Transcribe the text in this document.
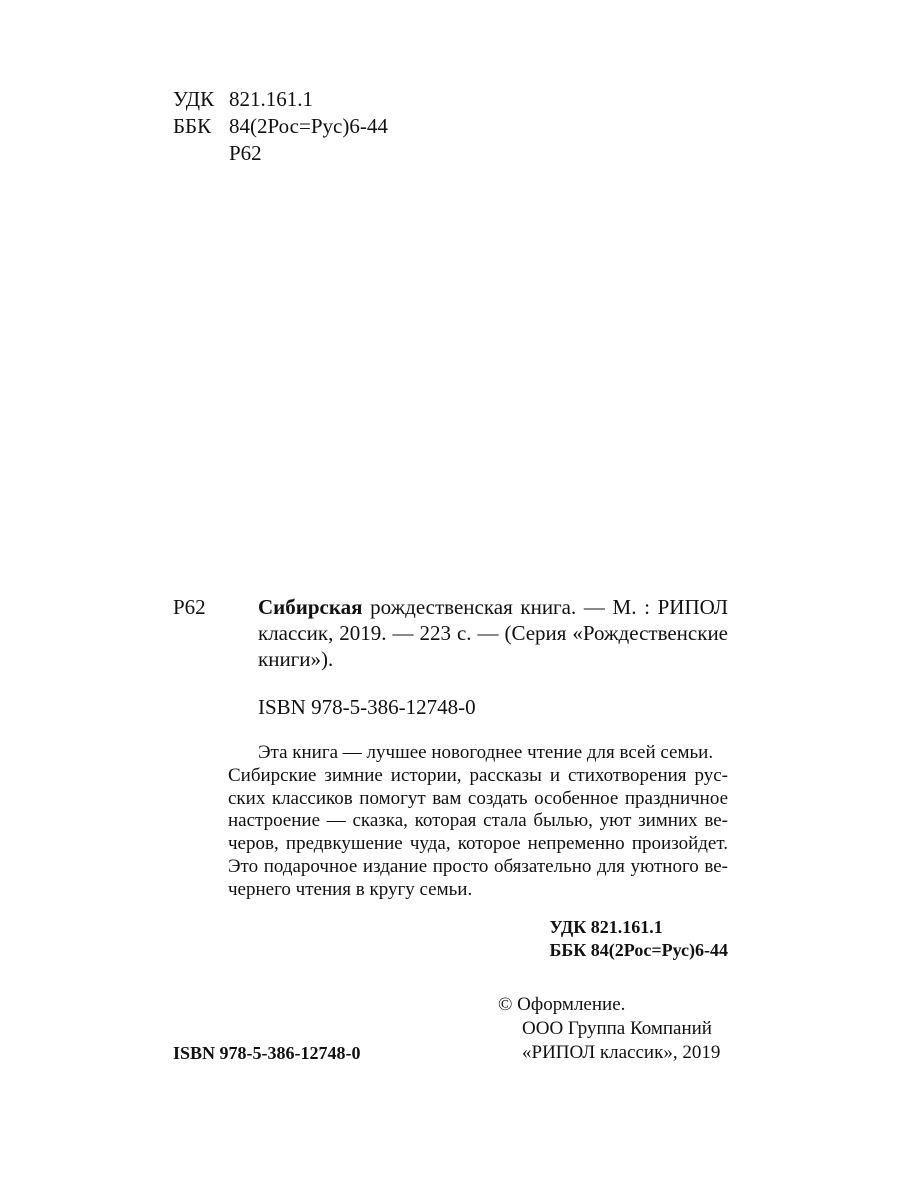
УДК 821.161.1
ББК 84(2Рос=Рус)6-44
Р62
Р62 Сибирская рождественская книга. — М. : РИПОЛ
классик, 2019. — 223 с. — (Серия «Рождественские
книги»).
ISBN 978-5-386-12748-0
Эта книга — лучшее новогоднее чтение для всей семьи.
Сибирские зимние истории, рассказы и стихотворения рус-
ских классиков помогут вам создать особенное праздничное
настроение — сказка, которая стала былью, уют зимних ве-
черов, предвкушение чуда, которое непременно произойдет.
Это подарочное издание просто обязательно для уютного ве-
чернего чтения в кругу семьи.
УДК 821.161.1
ББК 84(2Рос=Рус)6-44
© Оформление.
ООО Группа Компаний
«РИПОЛ классик», 2019
ISBN 978-5-386-12748-0
